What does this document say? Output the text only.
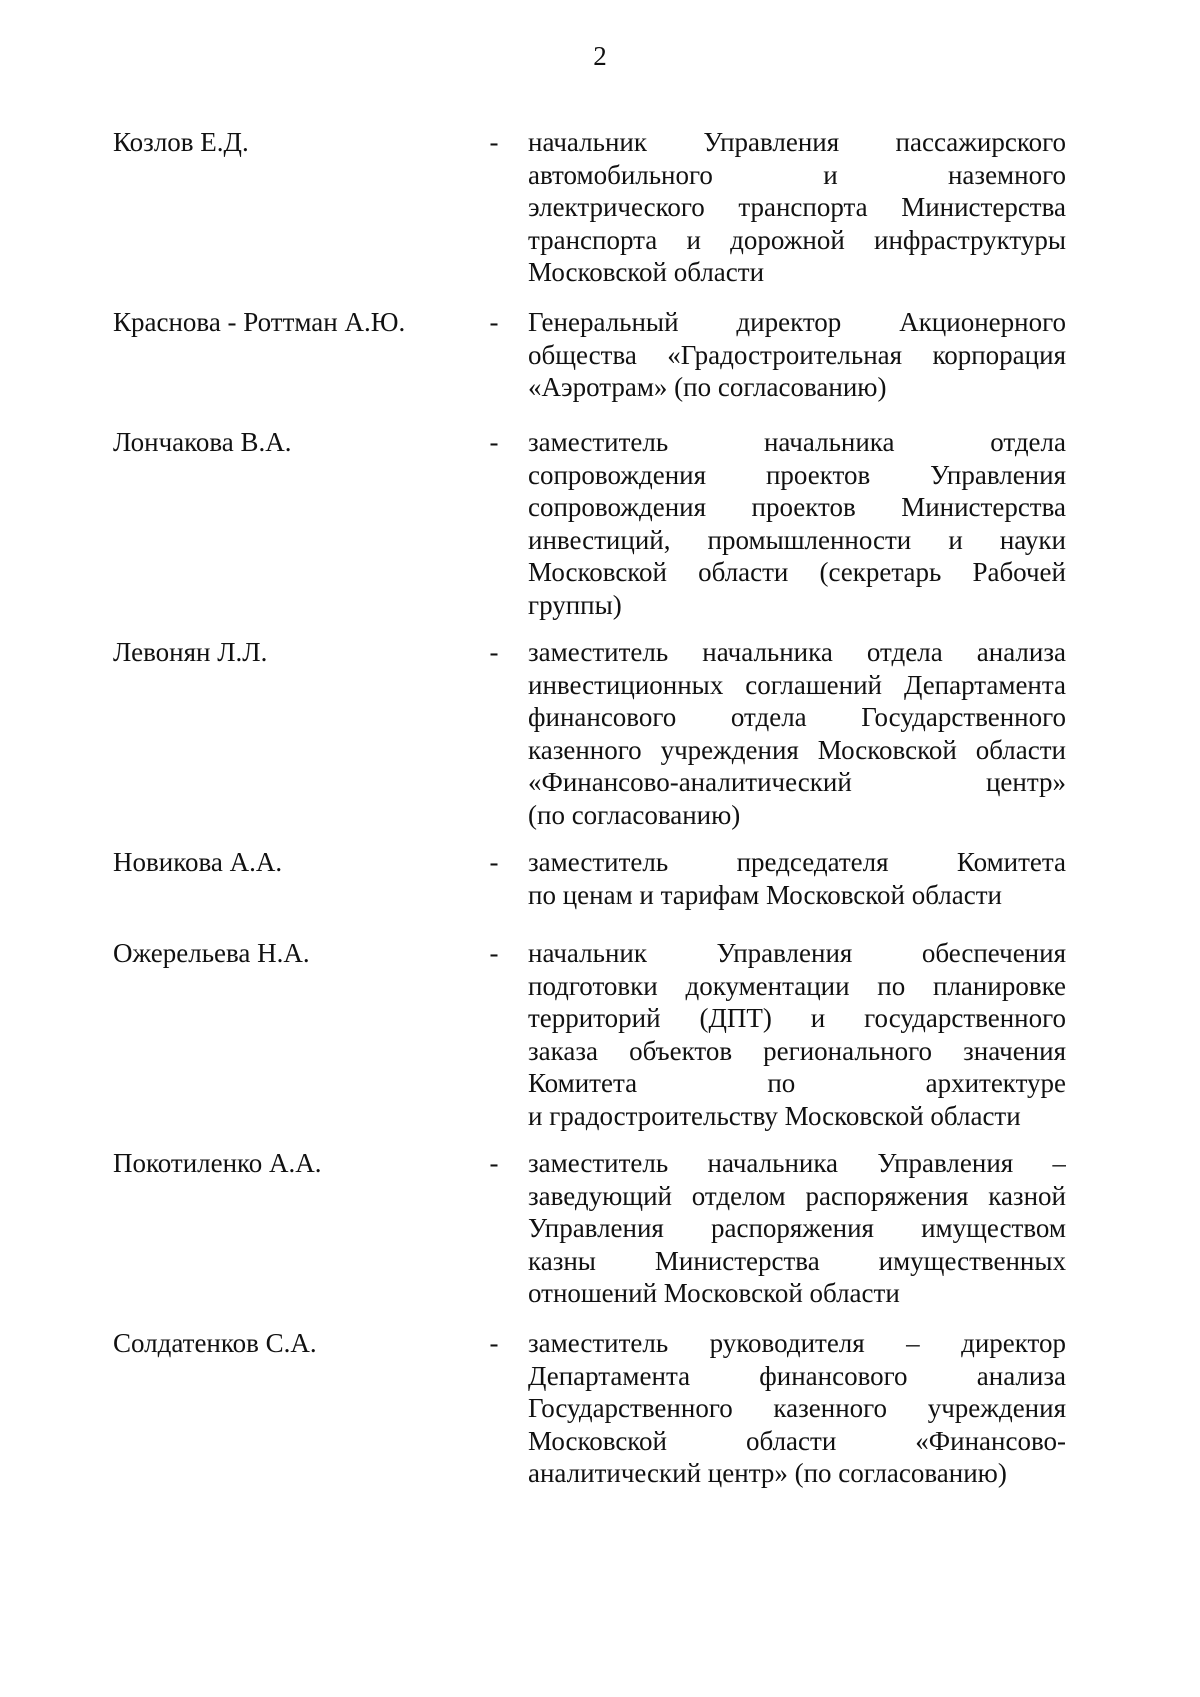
2
Козлов Е.Д.	- начальник Управления пассажирского
автомобильного и наземного
электрического транспорта Министерства
транспорта и дорожной инфраструктуры
Московской области
Краснова - Роттман А.Ю.	- Генеральный директор Акционерного
общества «Градостроительная корпорация
«Аэротрам» (по согласованию)
Лончакова В.А.	- заместитель начальника отдела
сопровождения проектов Управления
сопровождения проектов Министерства
инвестиций, промышленности и науки
Московской области (секретарь Рабочей
группы)
Левонян Л.Л.	- заместитель начальника отдела анализа
инвестиционных соглашений Департамента
финансового отдела Государственного
казенного учреждения Московской области
«Финансово-аналитический центр»
(по согласованию)
Новикова А.А.	- заместитель председателя Комитета
по ценам и тарифам Московской области
Ожерельева Н.А.	- начальник Управления обеспечения
подготовки документации по планировке
территорий (ДПТ) и государственного
заказа объектов регионального значения
Комитета по архитектуре
и градостроительству Московской области
Покотиленко А.А.	- заместитель начальника Управления –
заведующий отделом распоряжения казной
Управления распоряжения имуществом
казны Министерства имущественных
отношений Московской области
Солдатенков С.А.	- заместитель руководителя – директор
Департамента финансового анализа
Государственного казенного учреждения
Московской области «Финансово-
аналитический центр» (по согласованию)
